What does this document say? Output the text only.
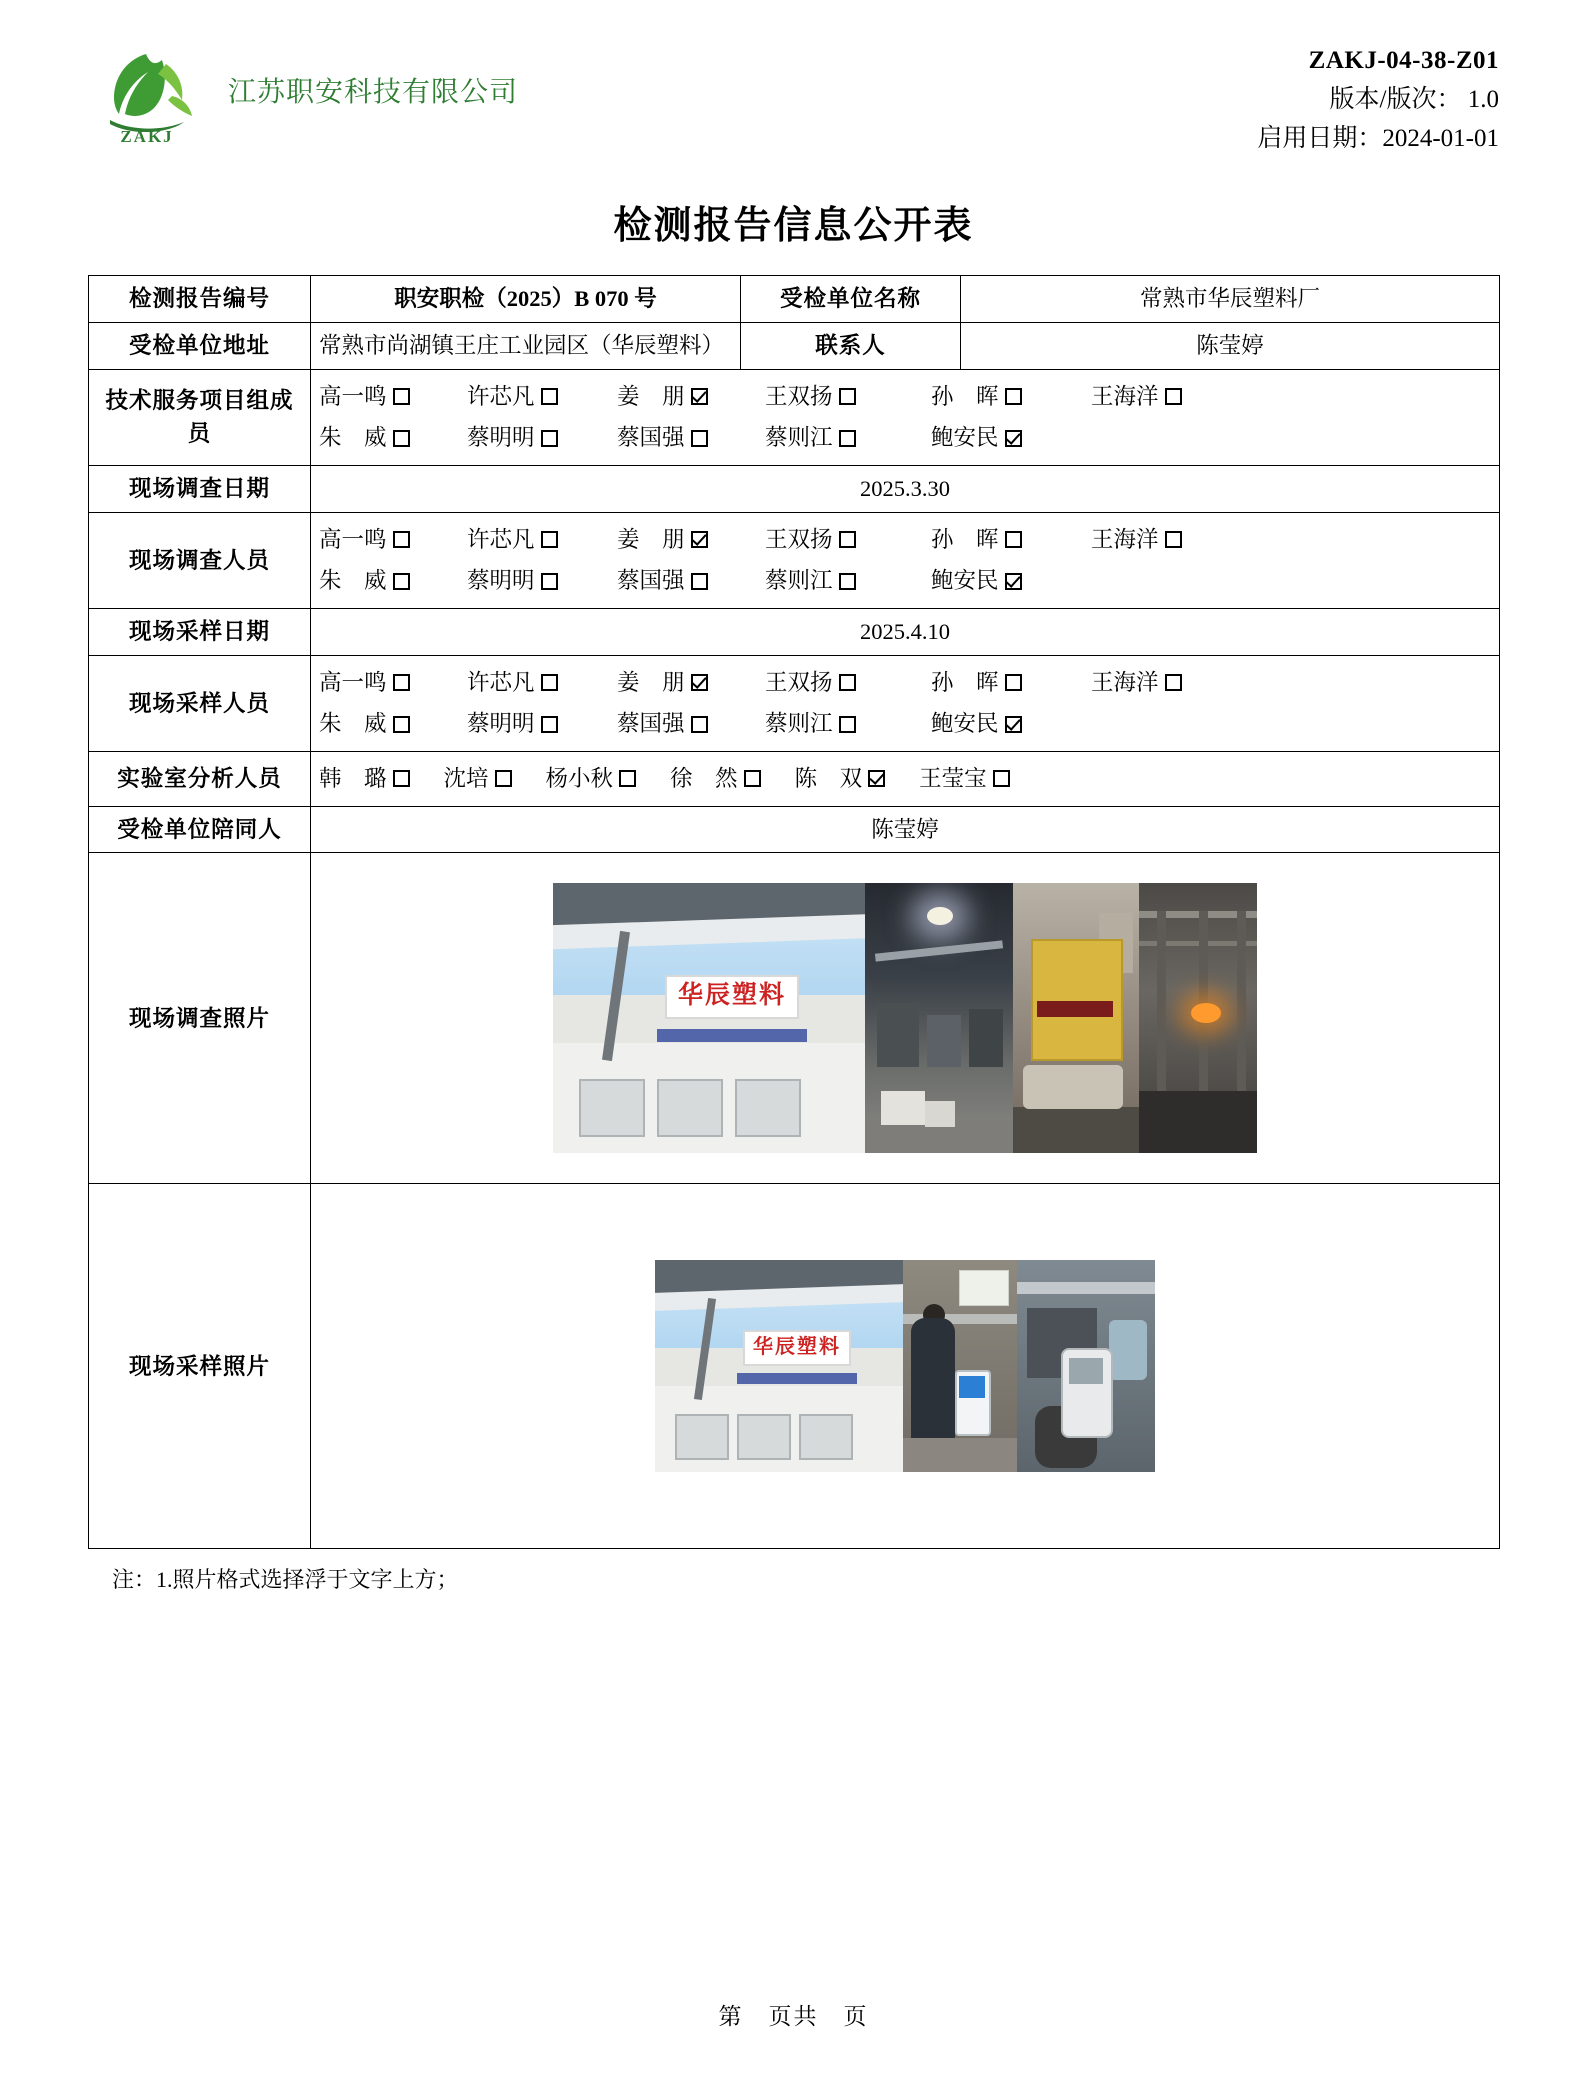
ZAKJ
江苏职安科技有限公司
ZAKJ-04-38-Z01
版本/版次： 1.0
启用日期：2024-01-01
检测报告信息公开表
检测报告编号	职安职检（2025）B 070 号	受检单位名称	常熟市华辰塑料厂
受检单位地址	常熟市尚湖镇王庄工业园区（华辰塑料）	联系人	陈莹婷
技术服务项目组成员	
高一鸣	许芯凡	姜　朋	王双扬	孙　晖	王海洋
朱　威	蔡明明	蔡国强	蔡则江	鲍安民

现场调查日期	2025.3.30		
现场调查人员	
高一鸣	许芯凡	姜　朋	王双扬	孙　晖	王海洋
朱　威	蔡明明	蔡国强	蔡则江	鲍安民

现场采样日期	2025.4.10		
现场采样人员	
高一鸣	许芯凡	姜　朋	王双扬	孙　晖	王海洋
朱　威	蔡明明	蔡国强	蔡则江	鲍安民

实验室分析人员	韩　璐	沈培	杨小秋	徐　然	陈　双	王莹宝

受检单位陪同人	陈莹婷		
现场调查照片	华辰塑料		

现场采样照片	华辰塑料		
注：1.照片格式选择浮于文字上方；
第　页共　页
